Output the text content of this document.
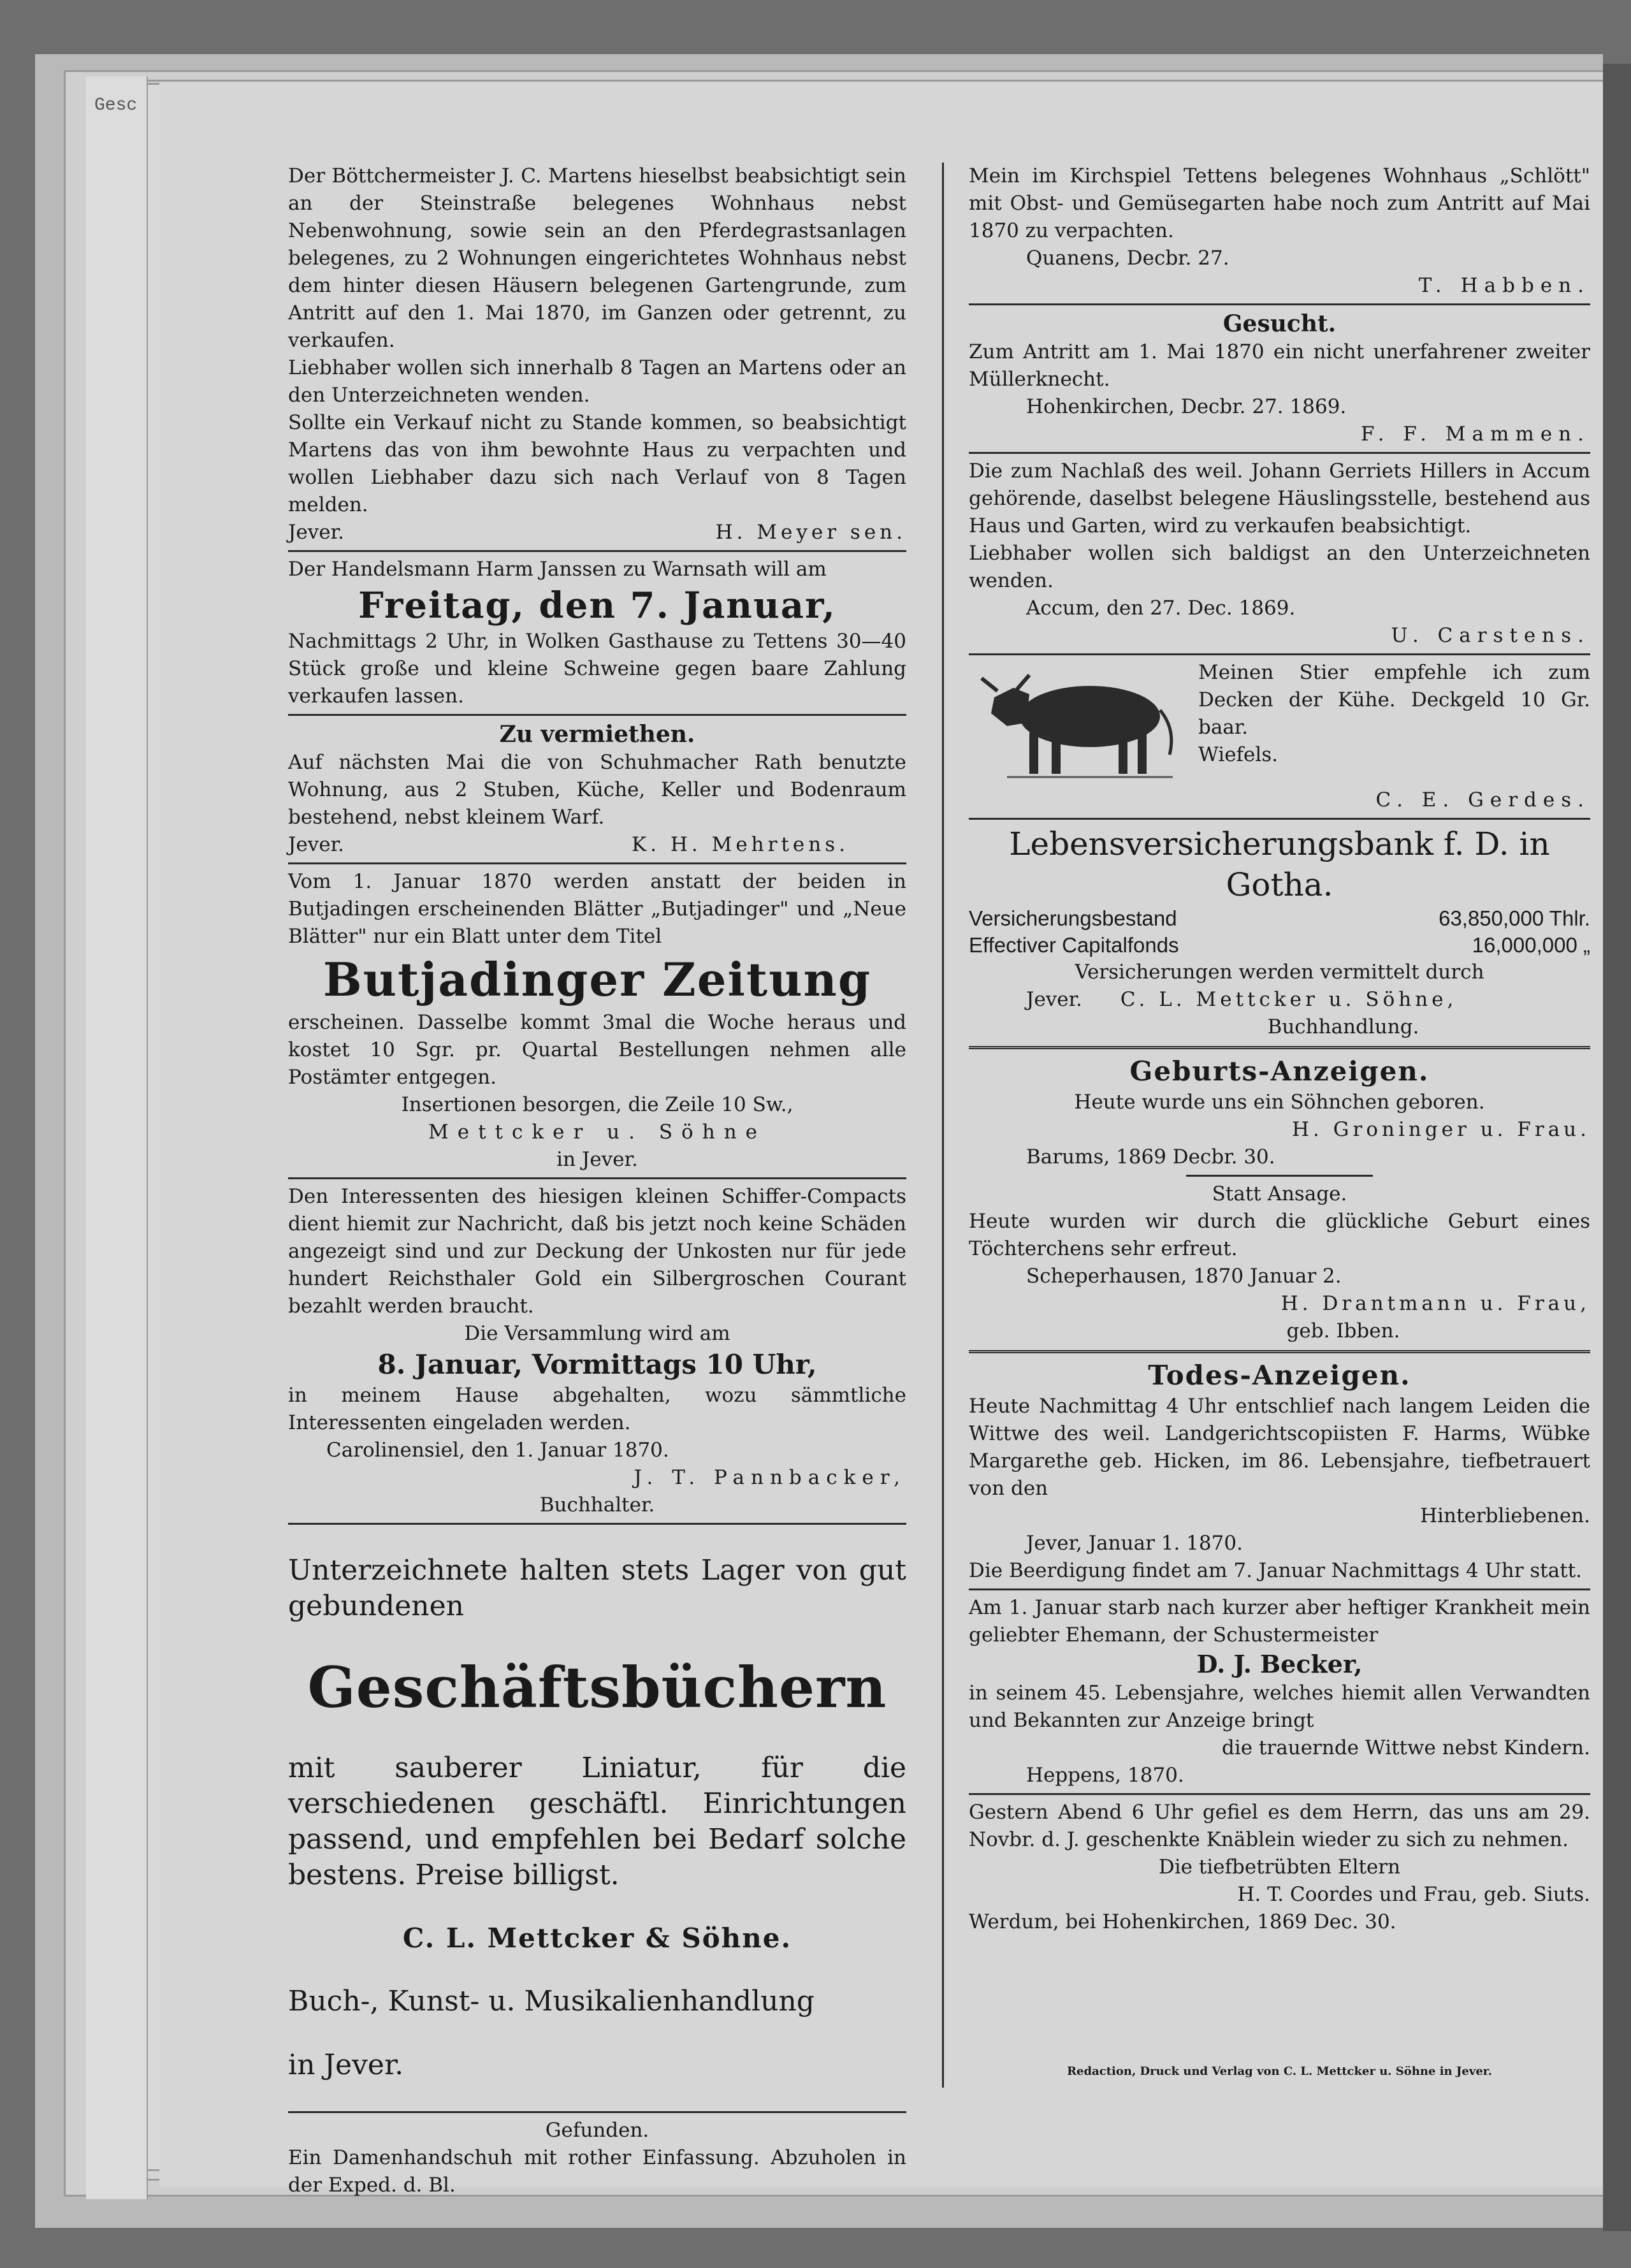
Gesc

Der Böttchermeister J. C. Martens hieselbst beabsichtigt sein an der Steinstraße belegenes Wohnhaus nebst Nebenwohnung, sowie sein an den Pferdegrastsanlagen belegenes, zu 2 Wohnungen eingerichtetes Wohnhaus nebst dem hinter diesen Häusern belegenen Gartengrunde, zum Antritt auf den 1. Mai 1870, im Ganzen oder getrennt, zu verkaufen.

Liebhaber wollen sich innerhalb 8 Tagen an Martens oder an den Unterzeichneten wenden.

Sollte ein Verkauf nicht zu Stande kommen, so beabsichtigt Martens das von ihm bewohnte Haus zu verpachten und wollen Liebhaber dazu sich nach Verlauf von 8 Tagen melden.

Jever.	H. Meyer sen.

Der Handelsmann Harm Janssen zu Warnsath will am

Freitag, den 7. Januar,

Nachmittags 2 Uhr, in Wolken Gasthause zu Tettens 30—40 Stück große und kleine Schweine gegen baare Zahlung verkaufen lassen.

Zu vermiethen.

Auf nächsten Mai die von Schuhmacher Rath benutzte Wohnung, aus 2 Stuben, Küche, Keller und Bodenraum bestehend, nebst kleinem Warf.

Jever.	K. H. Mehrtens.

Vom 1. Januar 1870 werden anstatt der beiden in Butjadingen erscheinenden Blätter „Butjadinger" und „Neue Blätter" nur ein Blatt unter dem Titel

Butjadinger Zeitung

erscheinen. Dasselbe kommt 3mal die Woche heraus und kostet 10 Sgr. pr. Quartal Bestellungen nehmen alle Postämter entgegen.

Insertionen besorgen, die Zeile 10 Sw.,

Mettcker u. Söhne

in Jever.

Den Interessenten des hiesigen kleinen Schiffer-Compacts dient hiemit zur Nachricht, daß bis jetzt noch keine Schäden angezeigt sind und zur Deckung der Unkosten nur für jede hundert Reichsthaler Gold ein Silbergroschen Courant bezahlt werden braucht.

Die Versammlung wird am

8. Januar, Vormittags 10 Uhr,

in meinem Hause abgehalten, wozu sämmtliche Interessenten eingeladen werden.

Carolinensiel, den 1. Januar 1870.

J. T. Pannbacker,

Buchhalter.

Unterzeichnete halten stets Lager von gut gebundenen

Geschäftsbüchern

mit sauberer Liniatur, für die verschiedenen geschäftl. Einrichtungen passend, und empfehlen bei Bedarf solche bestens. Preise billigst.

C. L. Mettcker & Söhne.

Buch-, Kunst- u. Musikalienhandlung

in Jever.

Gefunden.

Ein Damenhandschuh mit rother Einfassung. Abzuholen in der Exped. d. Bl.

Mein im Kirchspiel Tettens belegenes Wohnhaus „Schlött" mit Obst- und Gemüsegarten habe noch zum Antritt auf Mai 1870 zu verpachten.

Quanens, Decbr. 27.

T. Habben.

Gesucht.

Zum Antritt am 1. Mai 1870 ein nicht unerfahrener zweiter Müllerknecht.

Hohenkirchen, Decbr. 27. 1869.

F. F. Mammen.

Die zum Nachlaß des weil. Johann Gerriets Hillers in Accum gehörende, daselbst belegene Häuslingsstelle, bestehend aus Haus und Garten, wird zu verkaufen beabsichtigt.

Liebhaber wollen sich baldigst an den Unterzeichneten wenden.

Accum, den 27. Dec. 1869.

U. Carstens.

Meinen Stier empfehle ich zum Decken der Kühe. Deckgeld 10 Gr. baar.

Wiefels.

C. E. Gerdes.

Lebensversicherungsbank f. D. in Gotha.
Versicherungsbestand	63,850,000 Thlr.
Effectiver Capitalfonds	16,000,000 „

Versicherungen werden vermittelt durch

Jever. C. L. Mettcker u. Söhne,

Buchhandlung.

Geburts-Anzeigen.

Heute wurde uns ein Söhnchen geboren.

H. Groninger u. Frau.

Barums, 1869 Decbr. 30.

Statt Ansage.

Heute wurden wir durch die glückliche Geburt eines Töchterchens sehr erfreut.

Scheperhausen, 1870 Januar 2.

H. Drantmann u. Frau,

geb. Ibben.

Todes-Anzeigen.

Heute Nachmittag 4 Uhr entschlief nach langem Leiden die Wittwe des weil. Landgerichtscopiisten F. Harms, Wübke Margarethe geb. Hicken, im 86. Lebensjahre, tiefbetrauert von den

Hinterbliebenen.

Jever, Januar 1. 1870.

Die Beerdigung findet am 7. Januar Nachmittags 4 Uhr statt.

Am 1. Januar starb nach kurzer aber heftiger Krankheit mein geliebter Ehemann, der Schustermeister

D. J. Becker,

in seinem 45. Lebensjahre, welches hiemit allen Verwandten und Bekannten zur Anzeige bringt

die trauernde Wittwe nebst Kindern.

Heppens, 1870.

Gestern Abend 6 Uhr gefiel es dem Herrn, das uns am 29. Novbr. d. J. geschenkte Knäblein wieder zu sich zu nehmen.

Die tiefbetrübten Eltern

H. T. Coordes und Frau, geb. Siuts.

Werdum, bei Hohenkirchen, 1869 Dec. 30.

Redaction, Druck und Verlag von C. L. Mettcker u. Söhne in Jever.
